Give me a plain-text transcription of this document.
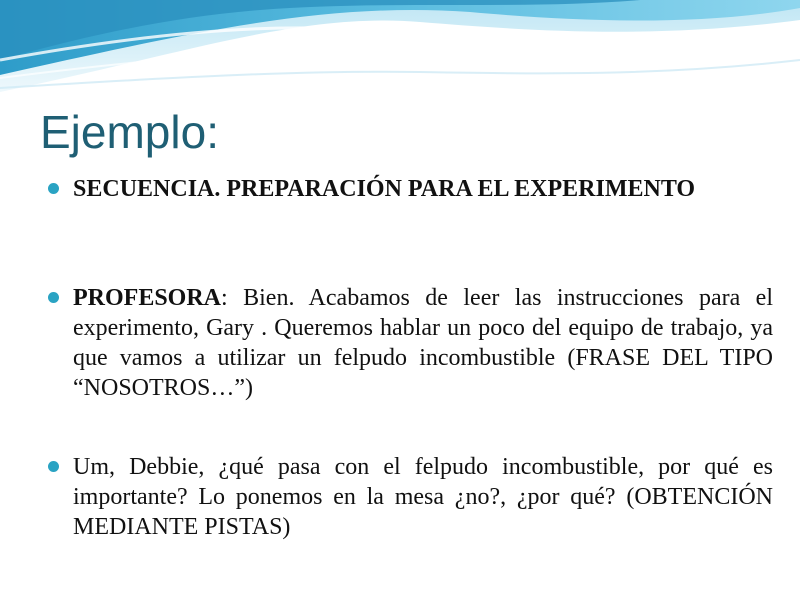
Ejemplo:
SECUENCIA. PREPARACIÓN PARA EL EXPERIMENTO
PROFESORA: Bien. Acabamos de leer las instrucciones para el experimento, Gary . Queremos hablar un poco del equipo de trabajo, ya que vamos a utilizar un felpudo incombustible (FRASE DEL TIPO “NOSOTROS…”)
Um, Debbie, ¿qué pasa con el felpudo incombustible, por qué es importante? Lo ponemos en la mesa ¿no?, ¿por qué? (OBTENCIÓN MEDIANTE PISTAS)
